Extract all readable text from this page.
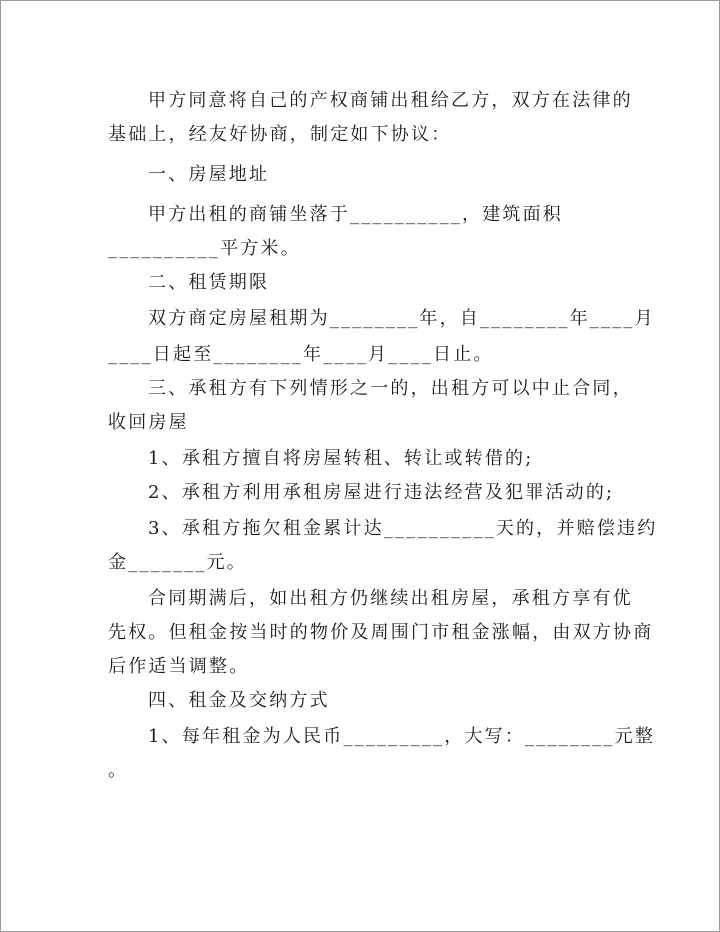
甲方同意将自己的产权商铺出租给乙方，双方在法律的
基础上，经友好协商，制定如下协议：
一、房屋地址
甲方出租的商铺坐落于__________，建筑面积
__________平方米。
二、租赁期限
双方商定房屋租期为________年，自________年____月
____日起至________年____月____日止。
三、承租方有下列情形之一的，出租方可以中止合同，
收回房屋
1、承租方擅自将房屋转租、转让或转借的;
2、承租方利用承租房屋进行违法经营及犯罪活动的;
3、承租方拖欠租金累计达__________天的，并赔偿违约
金_______元。
合同期满后，如出租方仍继续出租房屋，承租方享有优
先权。但租金按当时的物价及周围门市租金涨幅，由双方协商
后作适当调整。
四、租金及交纳方式
1、每年租金为人民币_________，大写：________元整
。
